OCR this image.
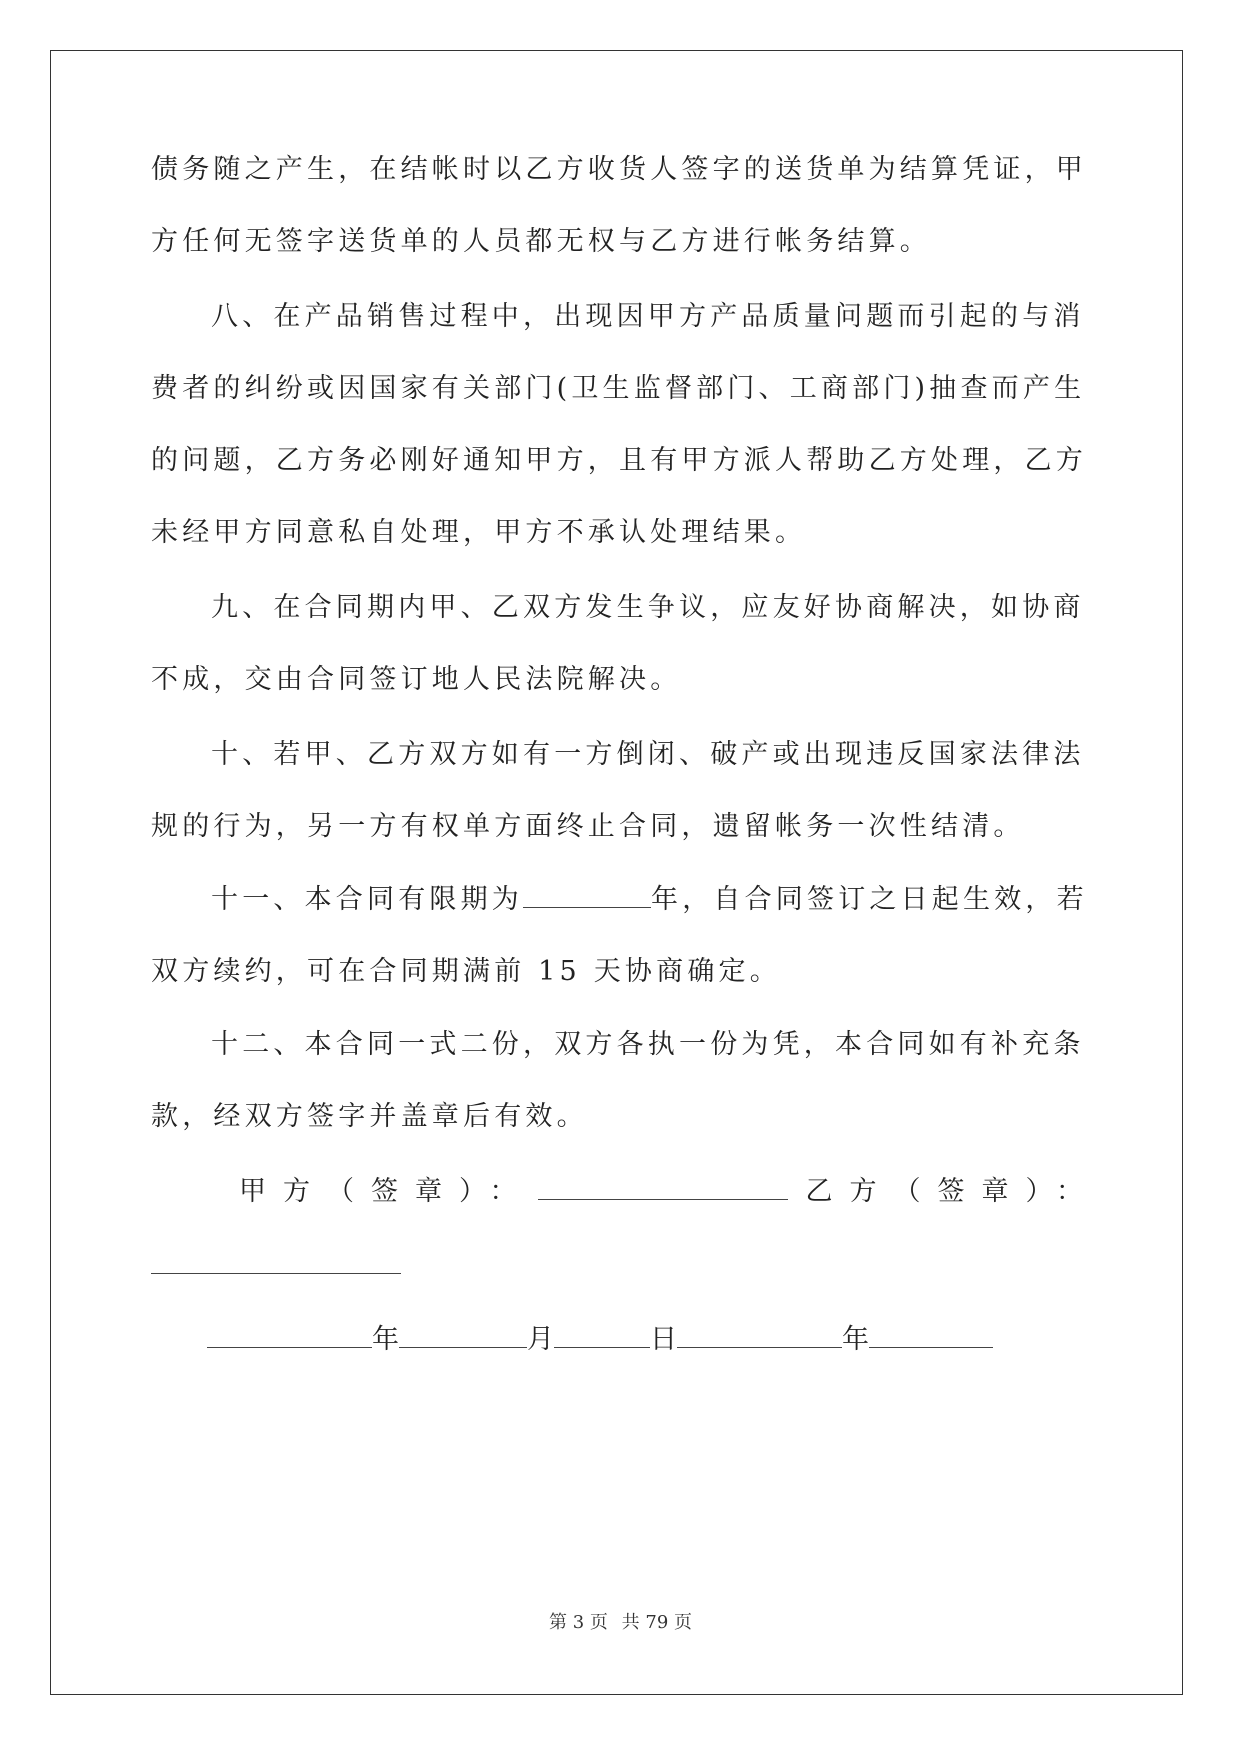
债务随之产生，在结帐时以乙方收货人签字的送货单为结算凭证，甲
方任何无签字送货单的人员都无权与乙方进行帐务结算。
八、在产品销售过程中，出现因甲方产品质量问题而引起的与消
费者的纠纷或因国家有关部门(卫生监督部门、工商部门)抽查而产生
的问题，乙方务必刚好通知甲方，且有甲方派人帮助乙方处理，乙方
未经甲方同意私自处理，甲方不承认处理结果。
九、在合同期内甲、乙双方发生争议，应友好协商解决，如协商
不成，交由合同签订地人民法院解决。
十、若甲、乙方双方如有一方倒闭、破产或出现违反国家法律法
规的行为，另一方有权单方面终止合同，遗留帐务一次性结清。
十一、本合同有限期为	年，自合同签订之日起生效，若
双方续约，可在合同期满前 15 天协商确定。
十二、本合同一式二份，双方各执一份为凭，本合同如有补充条
款，经双方签字并盖章后有效。
甲方（签章）：	乙方（签章）：
年	月	日	年
第 3 页 共 79 页
